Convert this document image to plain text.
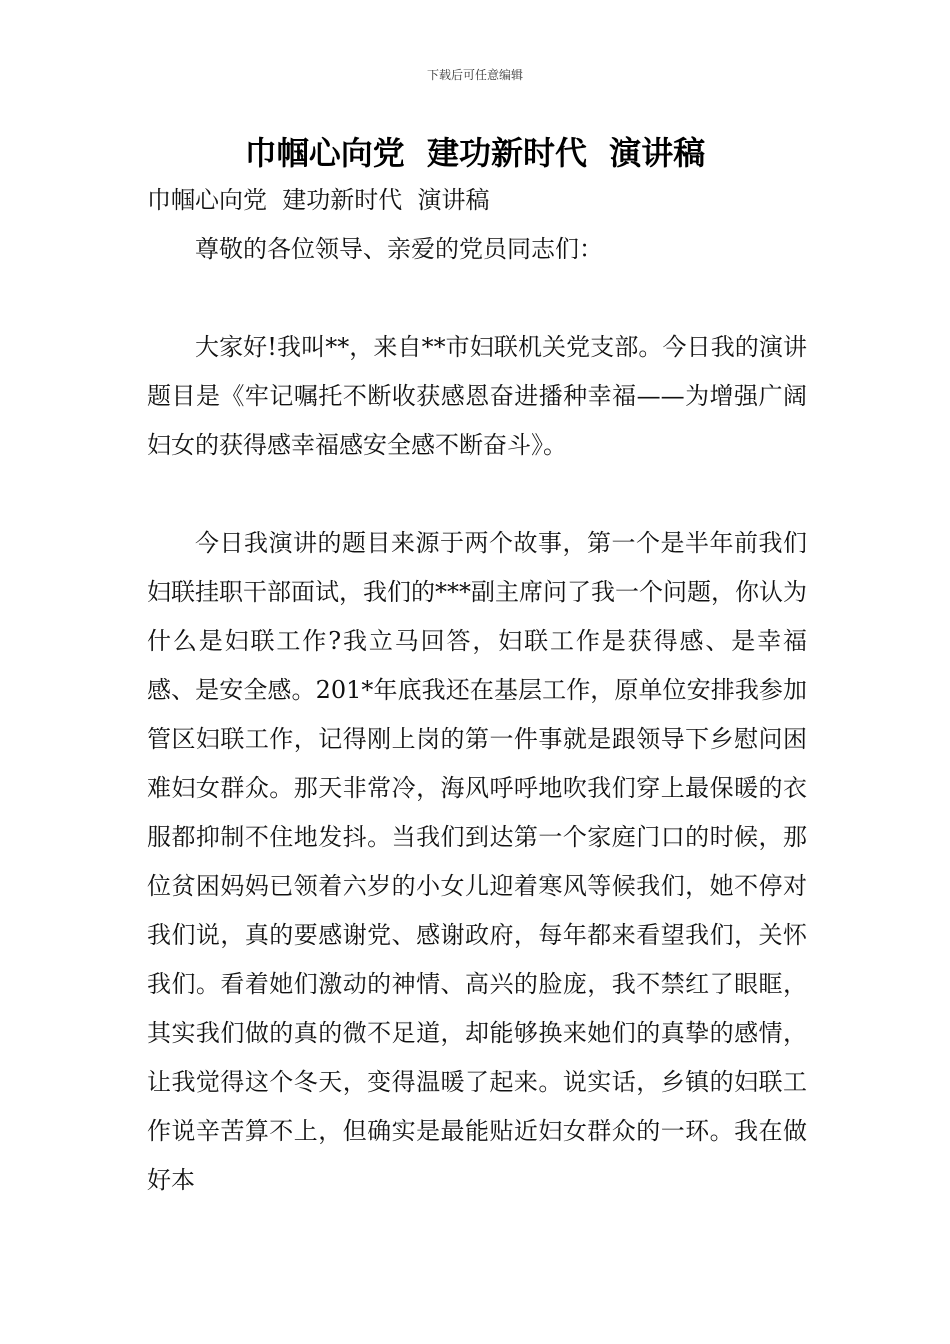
下载后可任意编辑
巾帼心向党  建功新时代  演讲稿

巾帼心向党  建功新时代  演讲稿

尊敬的各位领导、亲爱的党员同志们：

大家好!我叫**，来自**市妇联机关党支部。今日我的演讲题目是《牢记嘱托不断收获感恩奋进播种幸福——为增强广阔妇女的获得感幸福感安全感不断奋斗》。

今日我演讲的题目来源于两个故事，第一个是半年前我们妇联挂职干部面试，我们的***副主席问了我一个问题，你认为什么是妇联工作?我立马回答，妇联工作是获得感、是幸福感、是安全感。201*年底我还在基层工作，原单位安排我参加管区妇联工作，记得刚上岗的第一件事就是跟领导下乡慰问困难妇女群众。那天非常冷，海风呼呼地吹我们穿上最保暖的衣服都抑制不住地发抖。当我们到达第一个家庭门口的时候，那位贫困妈妈已领着六岁的小女儿迎着寒风等候我们，她不停对我们说，真的要感谢党、感谢政府，每年都来看望我们，关怀我们。看着她们激动的神情、高兴的脸庞，我不禁红了眼眶，其实我们做的真的微不足道，却能够换来她们的真挚的感情，让我觉得这个冬天，变得温暖了起来。说实话，乡镇的妇联工作说辛苦算不上，但确实是最能贴近妇女群众的一环。我在做好本
